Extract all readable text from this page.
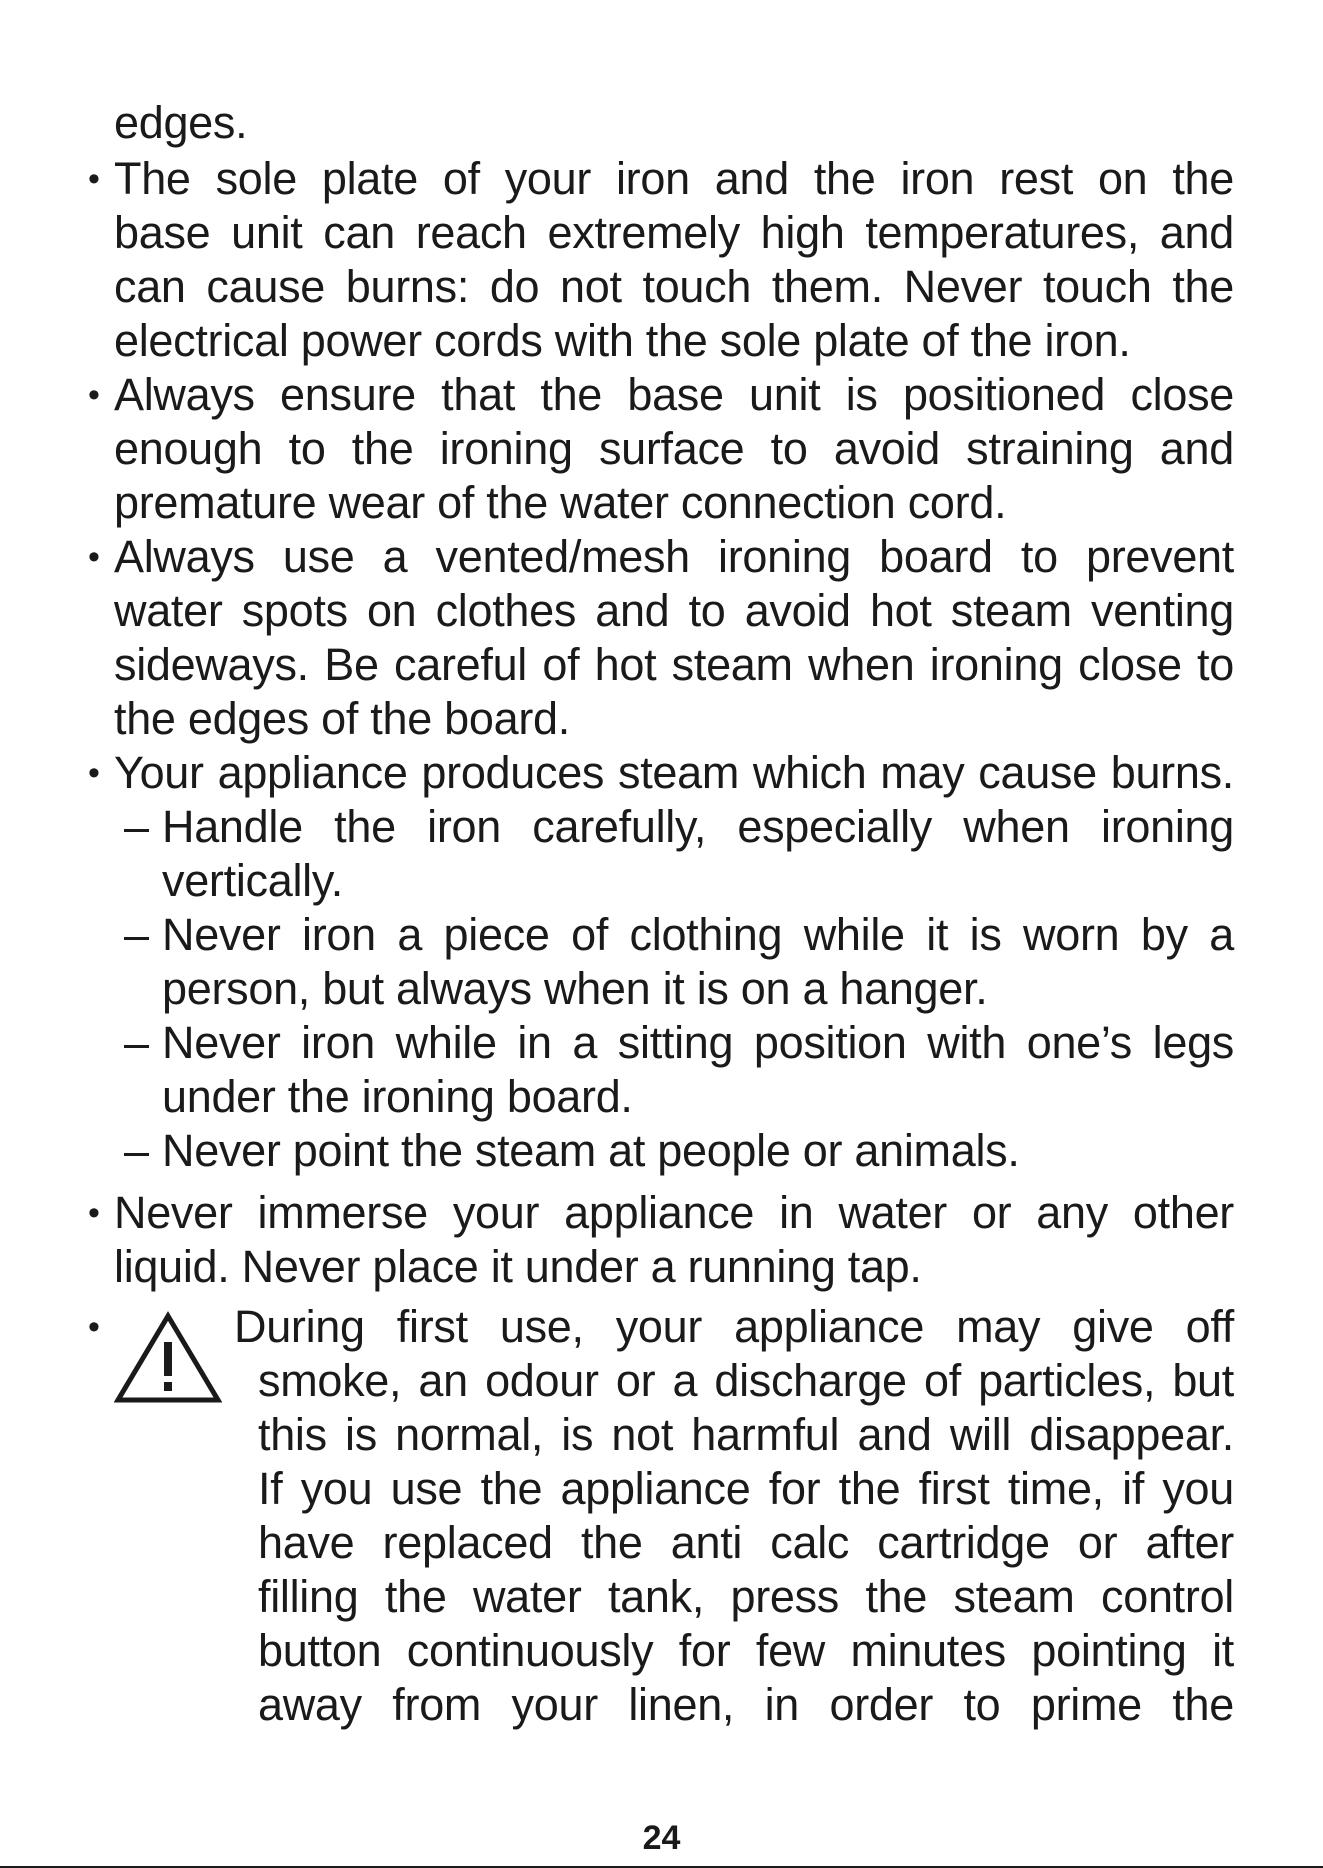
edges.
• The sole plate of your iron and the iron rest on the
base unit can reach extremely high temperatures, and
can cause burns: do not touch them. Never touch the
electrical power cords with the sole plate of the iron.
• Always ensure that the base unit is positioned close
enough to the ironing surface to avoid straining and
premature wear of the water connection cord.
• Always use a vented/mesh ironing board to prevent
water spots on clothes and to avoid hot steam venting
sideways. Be careful of hot steam when ironing close to
the edges of the board.
• Your appliance produces steam which may cause burns.
– Handle the iron carefully, especially when ironing
vertically.
– Never iron a piece of clothing while it is worn by a
person, but always when it is on a hanger.
– Never iron while in a sitting position with one’s legs
under the ironing board.
– Never point the steam at people or animals.
• Never immerse your appliance in water or any other
liquid. Never place it under a running tap.
•	During first use, your appliance may give off
smoke, an odour or a discharge of particles, but
this is normal, is not harmful and will disappear.
If you use the appliance for the first time, if you
have replaced the anti calc cartridge or after
filling the water tank, press the steam control
button continuously for few minutes pointing it
away from your linen, in order to prime the
24
